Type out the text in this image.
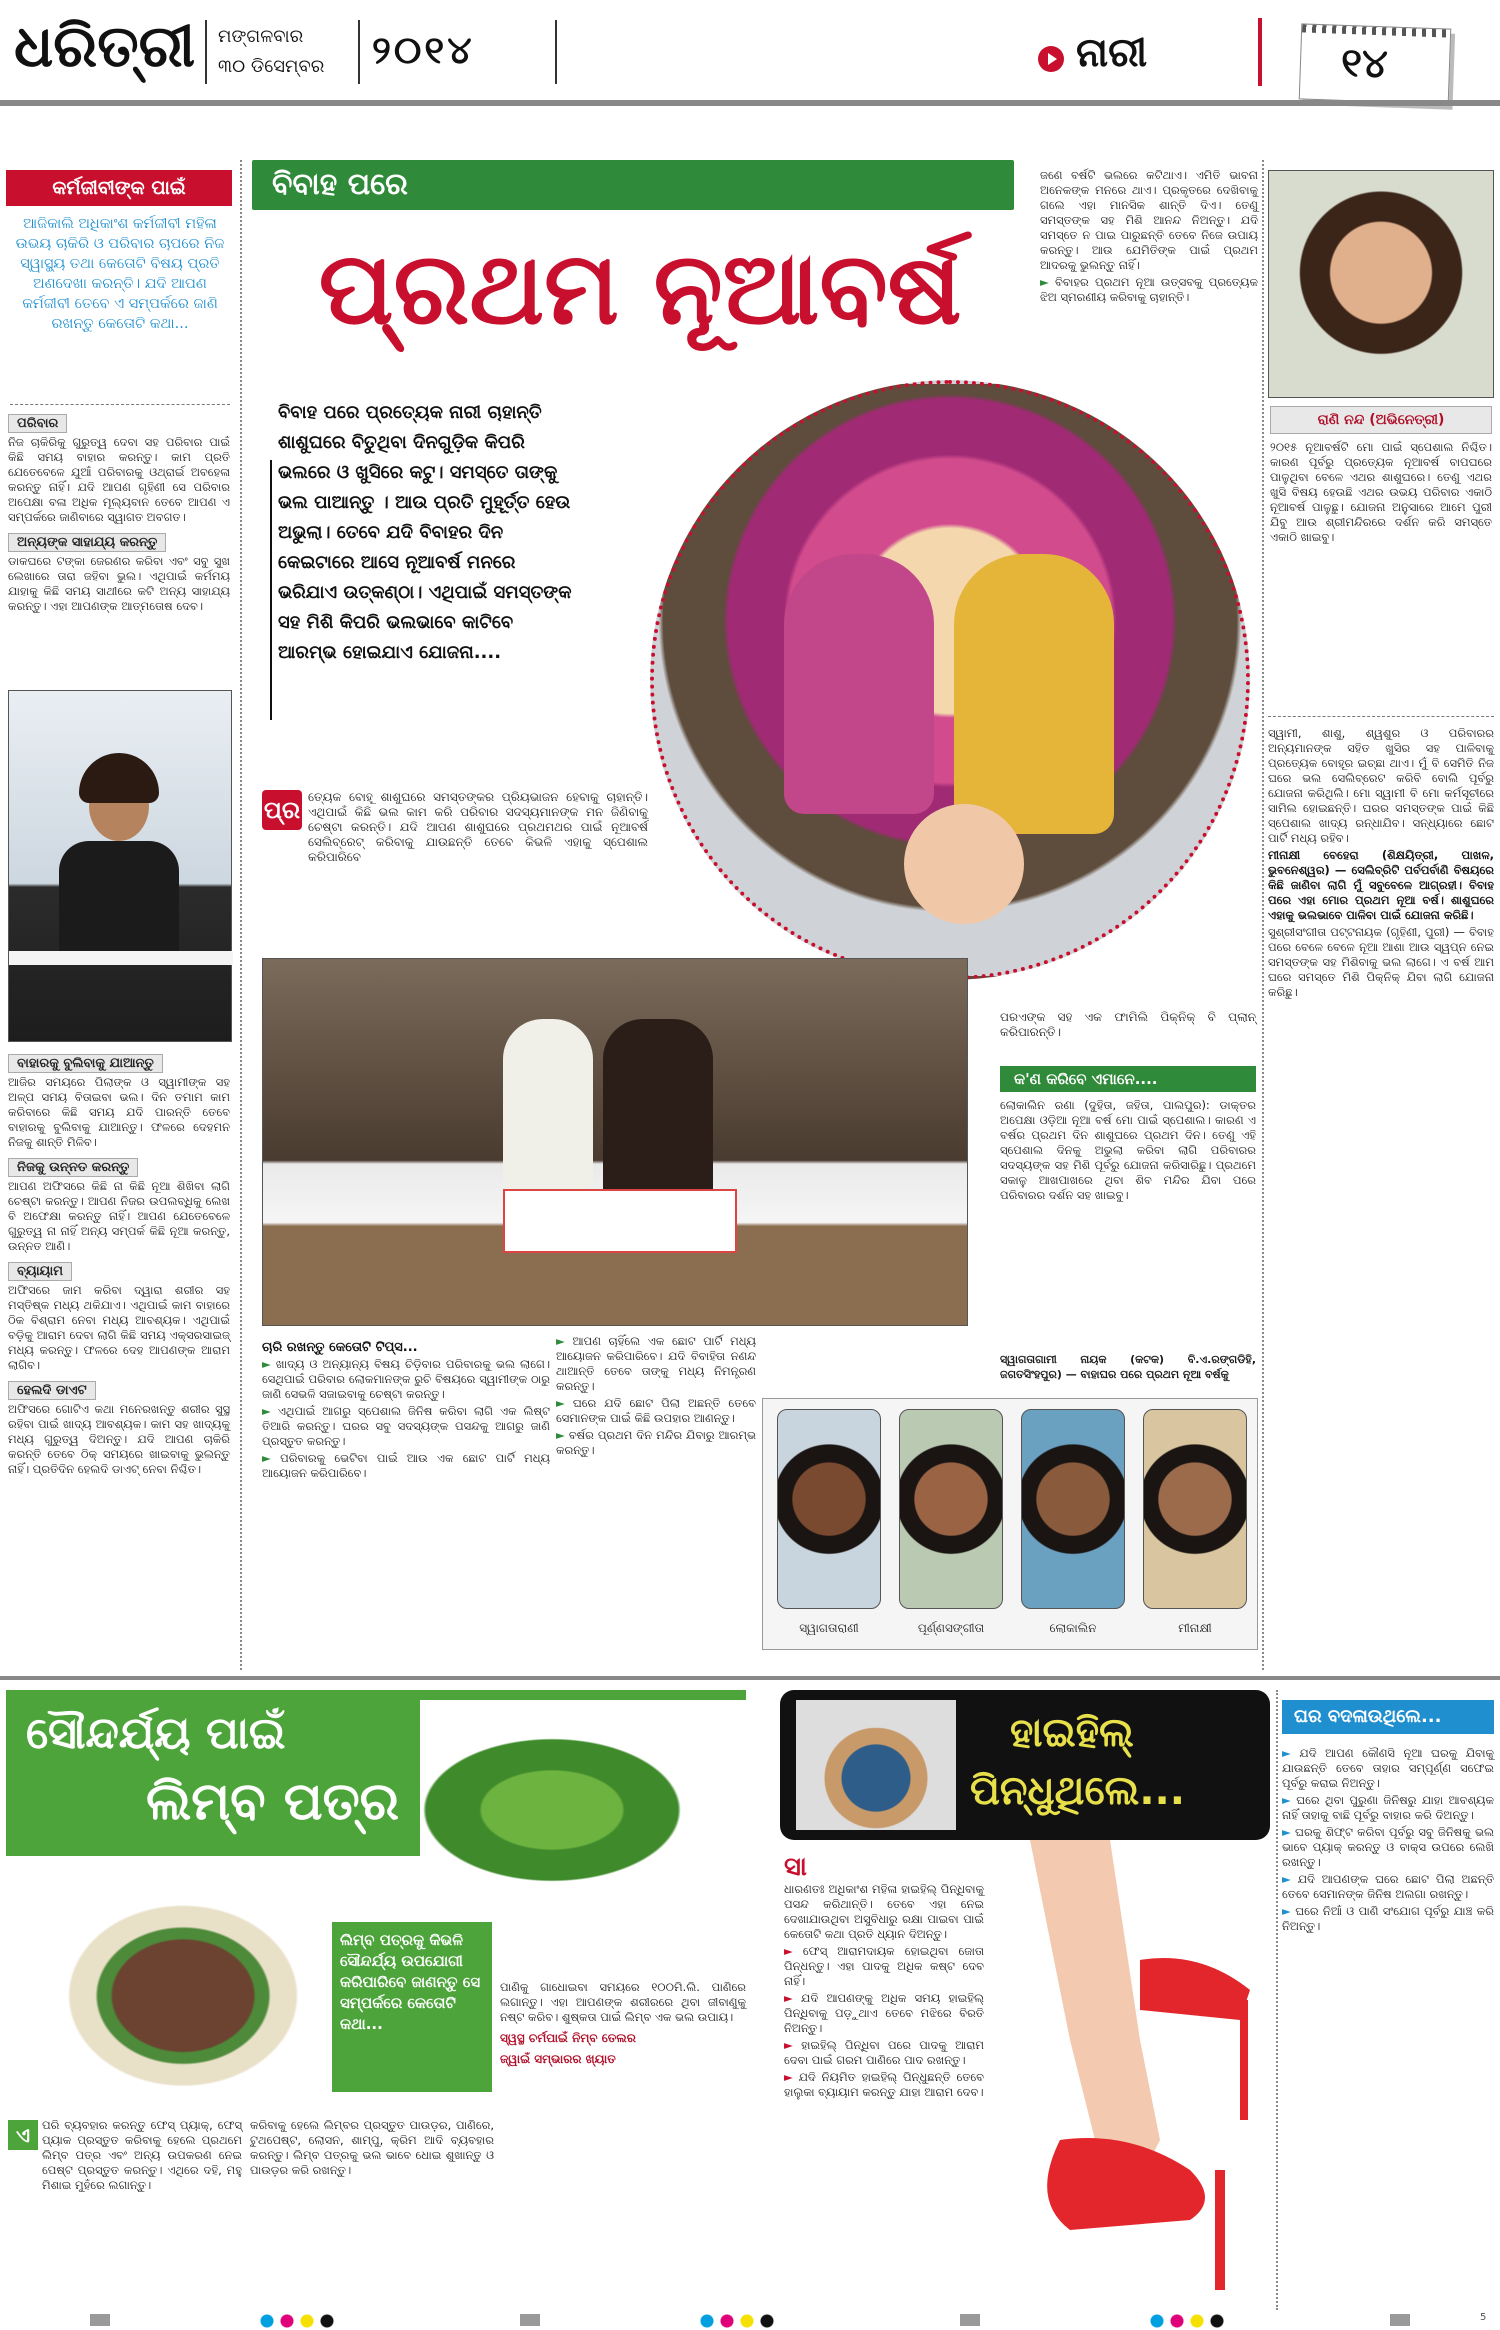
ଧରିତ୍ରୀ ମଙ୍ଗଳବାର
୩୦ ଡିସେମ୍ବର ୨୦୧୪	ନାରୀ	୧୪
କର୍ମଜୀବୀଙ୍କ ପାଇଁ
ଆଜିକାଲି ଅଧିକାଂଶ କର୍ମଜୀବୀ ମହିଳା ଉଭୟ ଚାକିରି ଓ ପରିବାର ଚାପରେ ନିଜ ସ୍ୱାସ୍ଥ୍ୟ ତଥା କେତୋଟି ବିଷୟ ପ୍ରତି ଅଣଦେଖା କରନ୍ତି। ଯଦି ଆପଣ କର୍ମଜୀବୀ ତେବେ ଏ ସମ୍ପର୍କରେ ଜାଣି ରଖନ୍ତୁ କେତୋଟି କଥା...
ପରିବାର

ନିଜ ଚାକିରିକୁ ଗୁରୁତ୍ୱ ଦେବା ସହ ପରିବାର ପାଇଁ କିଛି ସମୟ ବାହାର କରନ୍ତୁ। କାମ ପ୍ରତି ଯେତେବେଳେ ଯୁଆଁ ପରିବାରକୁ ଓଥ୍ରାର୍ଇ ଅବହେଳା କରନ୍ତୁ ନାହିଁ। ଯଦି ଆପଣ ଗୃହିଣୀ ସେ ପରିବାର ଅପେକ୍ଷା ବଳା ଅଧିକ ମୂଲ୍ୟବାନ ତେବେ ଆପଣ ଏ ସମ୍ପର୍କରେ ଜାଣିବାରେ ସ୍ୱାଗତ ଅବଗତ।

ଅନ୍ୟଙ୍କ ସାହାଯ୍ୟ କରନ୍ତୁ

ଡାକଘରେ ଟଙ୍କା ଜେରଣର କରିବା ଏବଂ ସବୁ ସୁଖ ଲେଖାରେ ତାରା ଜହିବା ଭୁଲ। ଏଥିପାଇଁ କର୍ମମୟ ଯାହାକୁ କିଛି ସମୟ ସାଥୀରେ କଟି ଅନ୍ୟ ସାହାଯ୍ୟ କରନ୍ତୁ। ଏହା ଆପଣଙ୍କ ଆତ୍ମତୋଷ ଦେବ।

ବାହାରକୁ ବୁଲିବାକୁ ଯାଆନ୍ତୁ

ଆଜିର ସମୟରେ ପିଲାଙ୍କ ଓ ସ୍ୱାମୀଙ୍କ ସହ ଅଳ୍ପ ସମୟ ବିତାଇବା ଭଲ। ଦିନ ତମାମ କାମ କରିବାରେ କିଛି ସମୟ ଯଦି ପାରନ୍ତି ତେବେ ବାହାରକୁ ବୁଲିବାକୁ ଯାଆନ୍ତୁ। ଫଳରେ ଦେହମନ ନିଜକୁ ଶାନ୍ତି ମିଳିବ।

ନିଜକୁ ଉନ୍ନତ କରନ୍ତୁ

ଆପଣ ଅଫିସରେ କିଛି ନା କିଛି ନୂଆ ଶିଖିବା ଲାଗି ଚେଷ୍ଟା କରନ୍ତୁ। ଆପଣ ନିଜର ଉପଲବ୍ଧିକୁ ଲେଖ ବି ଅଫେକ୍ଷା କରନ୍ତୁ ନାହିଁ। ଆପଣ ଯେତେବେଳେ ଗୁରୁତ୍ୱ ନା ନାହିଁ ଅନ୍ୟ ସମ୍ପର୍କ କିଛି ନୂଆ କରନ୍ତୁ, ଉନ୍ନତ ଆଣି।

ବ୍ୟାୟାମ

ଅଫିସରେ ଜାମ କରିବା ଦ୍ୱାରା ଶରୀର ସହ ମସ୍ତିଷ୍କ ମଧ୍ୟ ଥକିଯାଏ। ଏଥିପାଇଁ କାମ ବାହାରେ ଠିକ ବିଶ୍ରାମ ନେବା ମଧ୍ୟ ଆବଶ୍ୟକ। ଏଥିପାଇଁ ବଡ଼ିକୁ ଆରାମ ଦେବା ଲାଗି କିଛି ସମୟ ଏକ୍ସରସାଇଜ୍ ମଧ୍ୟ କରନ୍ତୁ। ଫଳରେ ଦେହ ଆପଣଙ୍କ ଆରାମ ଲାଗିବ।

ହେଲଦି ଡାଏଟ

ଅଫିସରେ ଗୋଟିଏ କଥା ମନେରଖନ୍ତୁ ଶରୀର ସୁସ୍ଥ ରହିବା ପାଇଁ ଖାଦ୍ୟ ଆବଶ୍ୟକ। କାମ ସହ ଖାଦ୍ୟକୁ ମଧ୍ୟ ଗୁରୁତ୍ୱ ଦିଅନ୍ତୁ। ଯଦି ଆପଣ ଚାକିରି କରନ୍ତି ତେବେ ଠିକ୍ ସମୟରେ ଖାଇବାକୁ ଭୁଲନ୍ତୁ ନାହିଁ। ପ୍ରତିଦିନ ହେଲଦି ଡାଏଟ୍ ନେବା ନିଶ୍ଚିତ।

ବିବାହ ପରେ
ପ୍ରଥମ ନୂଆବର୍ଷ
ବିବାହ ପରେ ପ୍ରତ୍ୟେକ ନାରୀ ଚାହାନ୍ତି ଶାଶୁଘରେ ବିତୁଥିବା ଦିନଗୁଡ଼ିକ କିପରି ଭଲରେ ଓ ଖୁସିରେ କଟୁ। ସମସ୍ତେ ତାଙ୍କୁ ଭଲ ପାଆନ୍ତୁ । ଆଉ ପ୍ରତି ମୁହୂର୍ତ୍ତ ହେଉ ଅଭୁଲା। ତେବେ ଯଦି ବିବାହର ଦିନ କେଇଟାରେ ଆସେ ନୂଆବର୍ଷ ମନରେ ଭରିଯାଏ ଉତ୍କଣ୍ଠା। ଏଥିପାଇଁ ସମସ୍ତଙ୍କ ସହ ମିଶି କିପରି ଭଲଭାବେ କାଟିବେ ଆରମ୍ଭ ହୋଇଯାଏ ଯୋଜନା....

ଜଣେ ବର୍ଷଟି ଭଲରେ କଟିଥାଏ। ଏମିତି ଭାବନା ଅନେକଙ୍କ ମନରେ ଥାଏ। ପ୍ରକୃତରେ ଦେଖିବାକୁ ଗଲେ ଏହା ମାନସିକ ଶାନ୍ତି ଦିଏ। ତେଣୁ ସମସ୍ତଙ୍କ ସହ ମିଶି ଆନନ୍ଦ ନିଅନ୍ତୁ। ଯଦି ସମସ୍ତେ ନ ପାଇ ପାରୁଛନ୍ତି ତେବେ ନିଜେ ଉପାୟ କରନ୍ତୁ। ଆଉ ଯେମିତିଙ୍କ ପାଇଁ ପ୍ରଥମ ଆଦରକୁ ଭୁଲନ୍ତୁ ନାହିଁ।

► ବିବାହର ପ୍ରଥମ ନୂଆ ଉତ୍ସବକୁ ପ୍ରତ୍ୟେକ ଝିଅ ସ୍ମରଣୀୟ କରିବାକୁ ଚାହାନ୍ତି।

ରାଣି ନନ୍ଦ (ଅଭିନେତ୍ରୀ)
୨୦୧୫ ନୂଆବର୍ଷଟି ମୋ ପାଇଁ ସ୍ପେଶାଲ ନିଶ୍ଚିତ। କାରଣ ପୂର୍ବରୁ ପ୍ରତ୍ୟେକ ନୂଆବର୍ଷ ବାପଘରେ ପାଳୁଥିବା ବେଳେ ଏଥର ଶାଶୁଘରେ। ତେଣୁ ଏଥର ଖୁସି ବିଷୟ ହେଉଛି ଏଥର ଉଭୟ ପରିବାର ଏକାଠି ନୂଆବର୍ଷ ପାଳୁଛୁ। ଯୋଜନା ଅନୁସାରେ ଆମେ ପୁରୀ ଯିବୁ ଆଉ ଶ୍ରୀମନ୍ଦିରରେ ଦର୍ଶନ କରି ସମସ୍ତେ ଏକାଠି ଖାଇବୁ।
ପ୍ର ତ୍ୟେକ ବୋହୂ ଶାଶୁଘରେ ସମସ୍ତଙ୍କର ପ୍ରିୟଭାଜନ ହେବାକୁ ଚାହାନ୍ତି। ଏଥିପାଇଁ କିଛି ଭଲ କାମ କରି ପରିବାର ସଦସ୍ୟମାନଙ୍କ ମନ ଜିଣିବାକୁ ଚେଷ୍ଟା କରନ୍ତି। ଯଦି ଆପଣ ଶାଶୁଘରେ ପ୍ରଥମଥର ପାଇଁ ନୂଆବର୍ଷ ସେଲିବ୍ରେଟ୍ କରିବାକୁ ଯାଉଛନ୍ତି ତେବେ କିଭଳି ଏହାକୁ ସ୍ପେଶାଲ କରିପାରିବେ
ପରଏଙ୍କ ସହ ଏକ ଫାମିଲି ପିକ୍‌ନିକ୍ ବି ପ୍ଲାନ୍ କରିପାରନ୍ତି।
କ'ଣ କରିବେ ଏମାନେ....
ଲୋକାଲିନ ରଣା (ଦୁହିତା, ଜହିତା, ପାଲପୁର): ଡାକ୍ତର ଅପେକ୍ଷା ଓଡ଼ିଆ ନୂଆ ବର୍ଷ ମୋ ପାଇଁ ସ୍ପେଶାଲ। କାରଣ ଏ ବର୍ଷର ପ୍ରଥମ ଦିନ ଶାଶୁଘରେ ପ୍ରଥମ ଦିନ। ତେଣୁ ଏହି ସ୍ପେଶାଲ ଦିନକୁ ଅଭୁଲା କରିବା ଲାଗି ପରିବାରର ସଦସ୍ୟଙ୍କ ସହ ମିଶି ପୂର୍ବରୁ ଯୋଜନା କରିସାରିଛୁ। ପ୍ରଥମେ ସକାଳୁ ଆଖପାଖରେ ଥିବା ଶିବ ମନ୍ଦିର ଯିବା ପରେ ପରିବାରର ଦର୍ଶନ ସହ ଖାଇବୁ।
ସ୍ୱାଗତାଗାମୀ ନାୟକ (କଟକ) ବି.ଏ.ରଙ୍ଗଡିହି, ଜଗତସିଂହପୁର) — ବାହାଘର ପରେ ପ୍ରଥମ ନୂଆ ବର୍ଷକୁ

ସ୍ୱାମୀ, ଶାଶୁ, ଶ୍ୱଶୁର ଓ ପରିବାରର ଅନ୍ୟମାନଙ୍କ ସହିତ ଖୁସିର ସହ ପାଳିବାକୁ ପ୍ରତ୍ୟେକ ବୋହୂର ଇଚ୍ଛା ଥାଏ। ମୁଁ ବି ସେମିତି ନିଜ ଘରେ ଭଲ ସେଲିବ୍ରେଟ କରିବି ବୋଲି ପୂର୍ବରୁ ଯୋଜନା କରିଥିଲି। ମୋ ସ୍ୱାମୀ ବି ମୋ କର୍ମସୂଚୀରେ ସାମିଲ ହୋଇଛନ୍ତି। ଘରର ସମସ୍ତଙ୍କ ପାଇଁ କିଛି ସ୍ପେଶାଲ ଖାଦ୍ୟ ରନ୍ଧାଯିବ। ସନ୍ଧ୍ୟାରେ ଛୋଟ ପାର୍ଟି ମଧ୍ୟ ରହିବ।

ମୀନାକ୍ଷୀ ବେହେରା (ଶିକ୍ଷୟିତ୍ରୀ, ପାଖଳ, ଭୁବନେଶ୍ୱର) — ସେଲିବ୍ରିଟି ପର୍ବପର୍ବାଣି ବିଷୟରେ କିଛି ଜାଣିବା ଲାଗି ମୁଁ ସବୁବେଳେ ଆଗ୍ରହୀ। ବିବାହ ପରେ ଏହା ମୋର ପ୍ରଥମ ନୂଆ ବର୍ଷ। ଶାଶୁଘରେ ଏହାକୁ ଭଲଭାବେ ପାଳିବା ପାଇଁ ଯୋଜନା କରିଛି।

ସୁଶ୍ରୀସଂଗୀତା ପଟ୍ଟନାୟକ (ଗୃହିଣୀ, ପୁରୀ) — ବିବାହ ପରେ ବେଳେ ବେଳେ ନୂଆ ଆଶା ଆଉ ସ୍ୱପ୍ନ ନେଇ ସମସ୍ତଙ୍କ ସହ ମିଶିବାକୁ ଭଲ ଲାଗେ। ଏ ବର୍ଷ ଆମ ଘରେ ସମସ୍ତେ ମିଶି ପିକ୍‌ନିକ୍ ଯିବା ଲାଗି ଯୋଜନା କରିଛୁ।

ଚାରି ରଖନ୍ତୁ କେତୋଟି ଟିପ୍ସ...

► ଖାଦ୍ୟ ଓ ଅନ୍ୟାନ୍ୟ ବିଷୟ ଚିଡ଼ିବାର ପରିବାରକୁ ଭଲ ଲାଗେ। ସେଥିପାଇଁ ପରିବାର ଲୋକମାନଙ୍କ ରୁଚି ବିଷୟରେ ସ୍ୱାମୀଙ୍କ ଠାରୁ ଜାଣି ସେଭଳି ସଜାଇବାକୁ ଚେଷ୍ଟା କରନ୍ତୁ।

► ଏଥିପାଇଁ ଆଗରୁ ସ୍ପେଶାଲ ଜିନିଷ କରିବା ଲାଗି ଏକ ଲିଷ୍ଟ ତିଆରି କରନ୍ତୁ। ଘରର ସବୁ ସଦସ୍ୟଙ୍କ ପସନ୍ଦକୁ ଆଗରୁ ଜାଣି ପ୍ରସ୍ତୁତ କରନ୍ତୁ।

► ପରିବାରକୁ ଭେଟିବା ପାଇଁ ଆଉ ଏକ ଛୋଟ ପାର୍ଟି ମଧ୍ୟ ଆୟୋଜନ କରିପାରିବେ।

► ଆପଣ ଚାହିଁଲେ ଏକ ଛୋଟ ପାର୍ଟି ମଧ୍ୟ ଆୟୋଜନ କରିପାରିବେ। ଯଦି ବିବାହିତା ନଣନ୍ଦ ଥାଆନ୍ତି ତେବେ ତାଙ୍କୁ ମଧ୍ୟ ନିମନ୍ତ୍ରଣ କରନ୍ତୁ।

► ଘରେ ଯଦି ଛୋଟ ପିଲା ଅଛନ୍ତି ତେବେ ସେମାନଙ୍କ ପାଇଁ କିଛି ଉପହାର ଆଣନ୍ତୁ।

► ବର୍ଷର ପ୍ରଥମ ଦିନ ମନ୍ଦିର ଯିବାରୁ ଆରମ୍ଭ କରନ୍ତୁ।

ସ୍ୱାଗତାରାଣୀ	ପୂର୍ଣ୍ଣସଙ୍ଗୀତା	ଲୋକାଲିନ	ମୀନାକ୍ଷୀ
ସୌନ୍ଦର୍ଯ୍ୟ ପାଇଁ
ଲିମ୍ବ ପତ୍ର
ଲିମ୍ବ ପତ୍ରକୁ କିଭଳି ସୌନ୍ଦର୍ଯ୍ୟ ଉପଯୋଗୀ କରିପାରିବେ ଜାଣନ୍ତୁ ସେ ସମ୍ପର୍କରେ କେତୋଟି କଥା...

ପାଣିକୁ ଗାଧୋଇବା ସମୟରେ ୧୦୦ମି.ଲି. ପାଣିରେ ଲଗାନ୍ତୁ। ଏହା ଆପଣଙ୍କ ଶରୀରରେ ଥିବା ଜୀବାଣୁକୁ ନଷ୍ଟ କରିବ। ଶୁଷ୍କତା ପାଇଁ ଲିମ୍ବ ଏକ ଭଲ ଉପାୟ।

ସ୍ୱସ୍ଥ ଚର୍ମପାଇଁ ନିମ୍ବ ତେଲର
ଜ୍ୱାଇଁ ସମ୍ଭାରର ଖ୍ୟାତ
ଏ	ପରି ବ୍ୟବହାର କରନ୍ତୁ ଫେସ୍ ପ୍ୟାକ୍, ଫେସ୍ ପ୍ୟାକ ପ୍ରସ୍ତୁତ କରିବାକୁ ହେଲେ ପ୍ରଥମେ ଲିମ୍ବ ପତ୍ର ଏବଂ ଅନ୍ୟ ଉପକରଣ ନେଇ ପେଷ୍ଟ ପ୍ରସ୍ତୁତ କରନ୍ତୁ। ଏଥିରେ ଦହି, ମହୁ ମିଶାଇ ମୁହଁରେ ଲଗାନ୍ତୁ।
କରିବାକୁ ହେଲେ ଲିମ୍ବର ପ୍ରସ୍ତୁତ ପାଉଡ଼ର, ପାଣିରେ, ଟୁଥପେଷ୍ଟ, ଲୋସନ, ଶାମ୍ପୁ, କ୍ରିମ ଆଦି ବ୍ୟବହାର କରନ୍ତୁ। ଲିମ୍ବ ପତ୍ରକୁ ଭଲ ଭାବେ ଧୋଇ ଶୁଖାନ୍ତୁ ଓ ପାଉଡ଼ର କରି ରଖନ୍ତୁ।
ହାଇହିଲ୍
ପିନ୍ଧୁଥିଲେ...
ସା

ଧାରଣତଃ ଅଧିକାଂଶ ମହିଳା ହାଇହିଲ୍ ପିନ୍ଧିବାକୁ ପସନ୍ଦ କରିଥାନ୍ତି। ତେବେ ଏହା ନେଇ ଦେଖାଯାଉଥିବା ଅସୁବିଧାରୁ ରକ୍ଷା ପାଇବା ପାଇଁ କେତୋଟି କଥା ପ୍ରତି ଧ୍ୟାନ ଦିଅନ୍ତୁ।

► ଫେସ୍ ଆରାମଦାୟକ ହୋଇଥିବା ଜୋତା ପିନ୍ଧନ୍ତୁ। ଏହା ପାଦକୁ ଅଧିକ କଷ୍ଟ ଦେବ ନାହିଁ।

► ଯଦି ଆପଣଙ୍କୁ ଅଧିକ ସମୟ ହାଇହିଲ୍ ପିନ୍ଧିବାକୁ ପଡ଼ୁଥାଏ ତେବେ ମଝିରେ ବିରତି ନିଅନ୍ତୁ।

► ହାଇହିଲ୍ ପିନ୍ଧିବା ପରେ ପାଦକୁ ଆରାମ ଦେବା ପାଇଁ ଗରମ ପାଣିରେ ପାଦ ରଖନ୍ତୁ।

► ଯଦି ନିୟମିତ ହାଇହିଲ୍ ପିନ୍ଧୁଛନ୍ତି ତେବେ ହାଲୁକା ବ୍ୟାୟାମ କରନ୍ତୁ ଯାହା ଆରାମ ଦେବ।

ଘର ବଦଳାଉଥିଲେ...

► ଯଦି ଆପଣ କୌଣସି ନୂଆ ଘରକୁ ଯିବାକୁ ଯାଉଛନ୍ତି ତେବେ ତାହାର ସମ୍ପୂର୍ଣ୍ଣ ସଫେଇ ପୂର୍ବରୁ କରାଇ ନିଅନ୍ତୁ।

► ଘରେ ଥିବା ପୁରୁଣା ଜିନିଷରୁ ଯାହା ଆବଶ୍ୟକ ନାହିଁ ତାହାକୁ ବାଛି ପୂର୍ବରୁ ବାହାର କରି ଦିଅନ୍ତୁ।

► ଘରକୁ ଶିଫ୍ଟ କରିବା ପୂର୍ବରୁ ସବୁ ଜିନିଷକୁ ଭଲ ଭାବେ ପ୍ୟାକ୍ କରନ୍ତୁ ଓ ବାକ୍ସ ଉପରେ ଲେଖି ରଖନ୍ତୁ।

► ଯଦି ଆପଣଙ୍କ ଘରେ ଛୋଟ ପିଲା ଅଛନ୍ତି ତେବେ ସେମାନଙ୍କ ଜିନିଷ ଅଲଗା ରଖନ୍ତୁ।

► ଘରେ ନିଆଁ ଓ ପାଣି ସଂଯୋଗ ପୂର୍ବରୁ ଯାଞ୍ଚ କରି ନିଅନ୍ତୁ।

5
